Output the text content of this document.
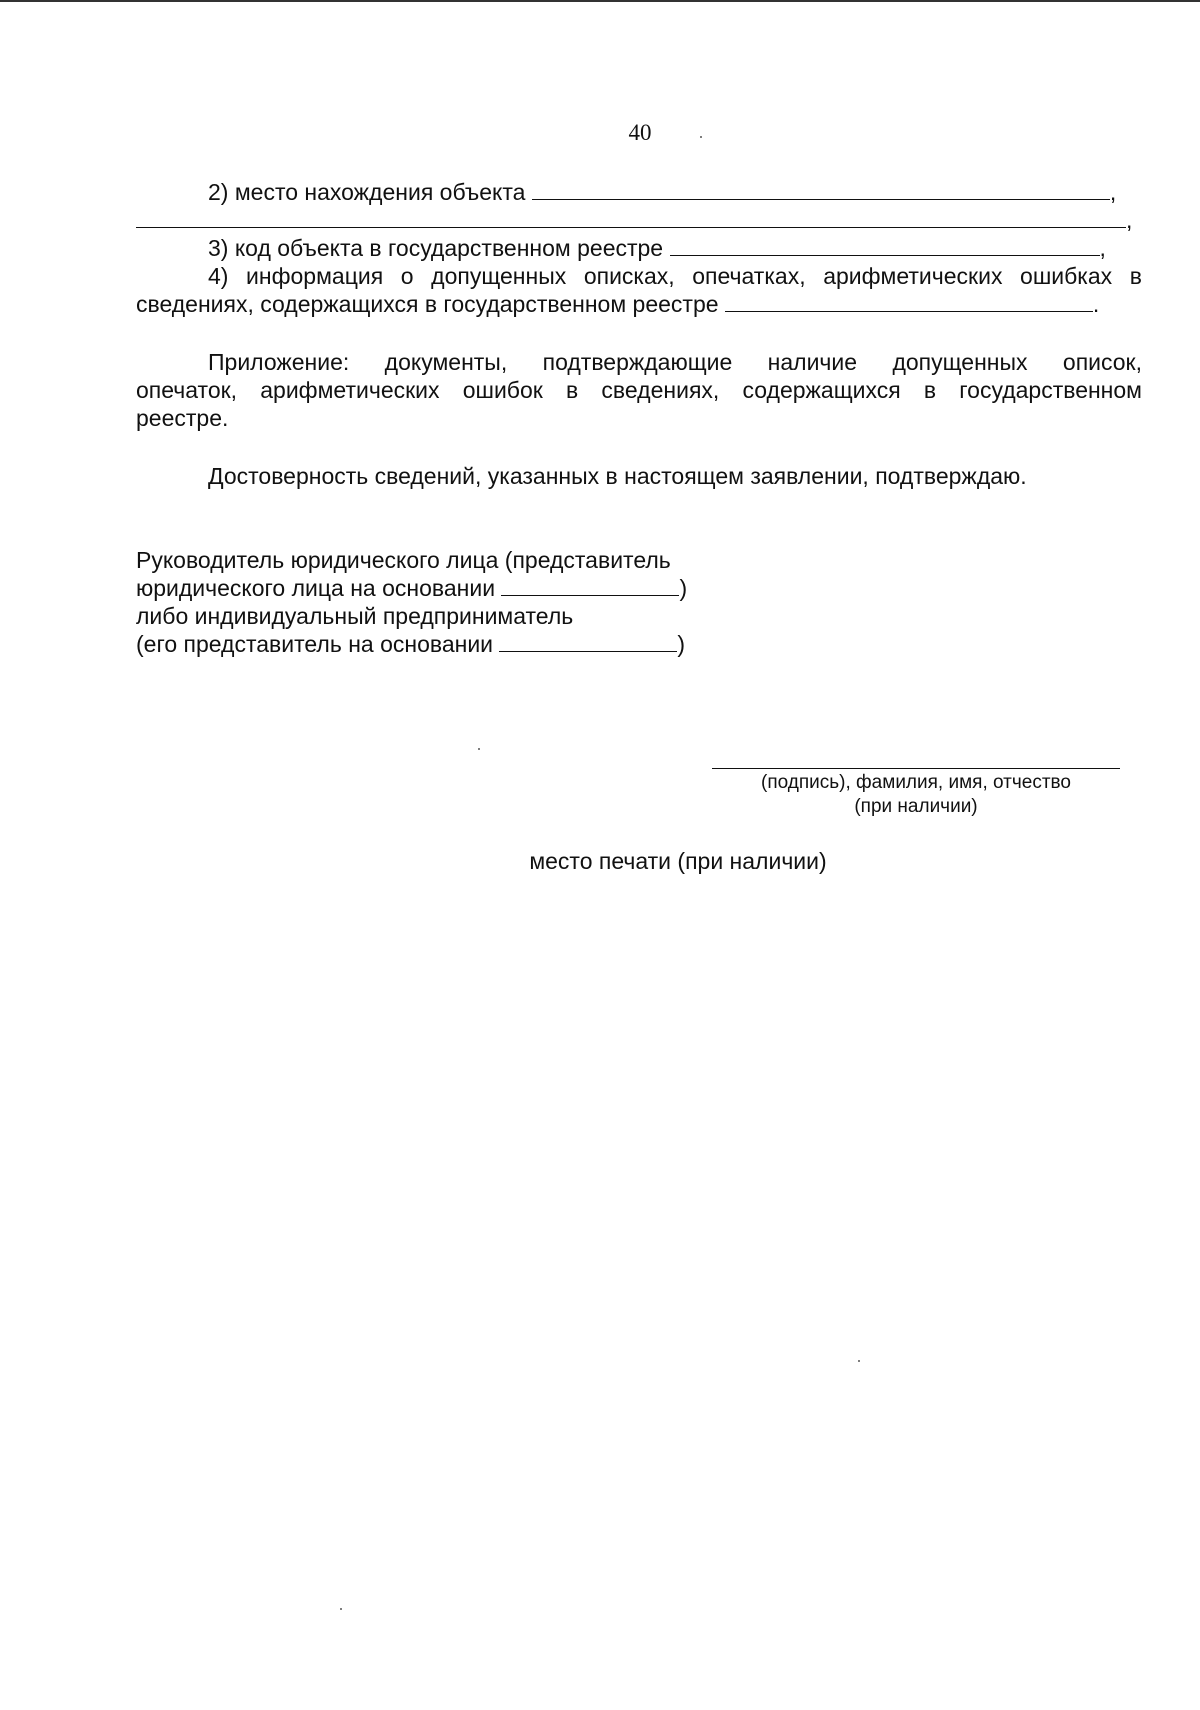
40
2) место нахождения объекта	,
,
3) код объекта в государственном реестре	,
4) информация о допущенных описках, опечатках, арифметических ошибках в
сведениях, содержащихся в государственном реестре	.
Приложение: документы, подтверждающие наличие допущенных описок,
опечаток, арифметических ошибок в сведениях, содержащихся в государственном
реестре.
Достоверность сведений, указанных в настоящем заявлении, подтверждаю.
Руководитель юридического лица (представитель
юридического лица на основании	)
либо индивидуальный предприниматель
(его представитель на основании	)
(подпись), фамилия, имя, отчество
(при наличии)
место печати (при наличии)
